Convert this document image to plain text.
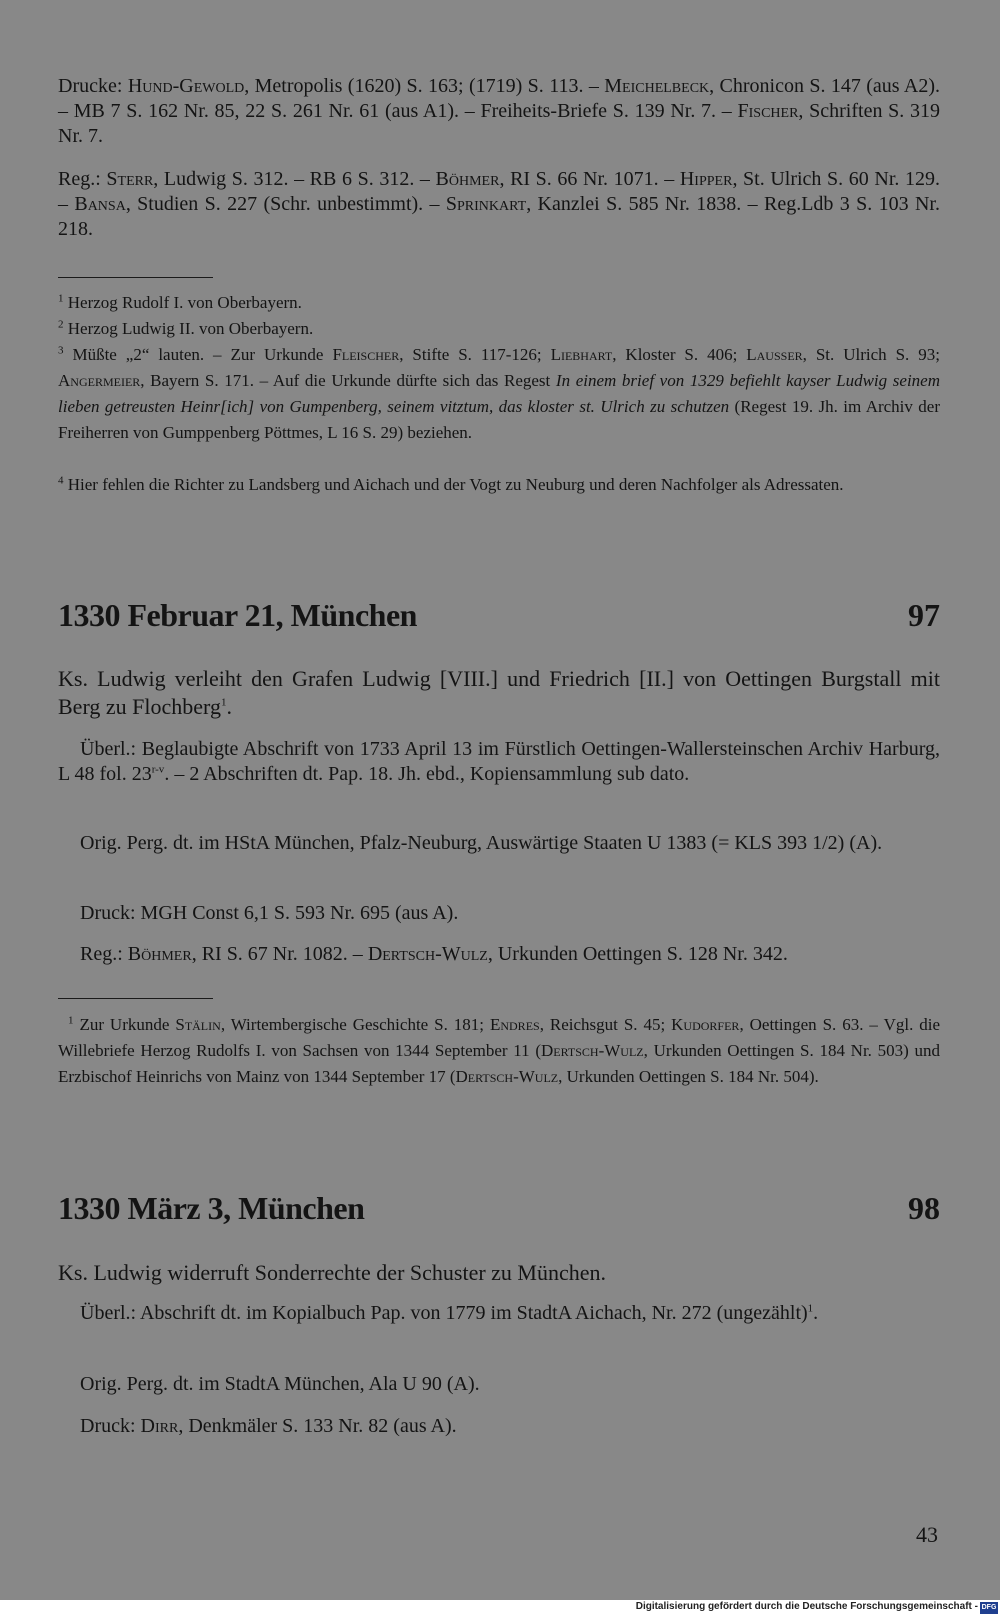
Drucke: Hund-Gewold, Metropolis (1620) S. 163; (1719) S. 113. – Meichelbeck, Chronicon S. 147 (aus A2). – MB 7 S. 162 Nr. 85, 22 S. 261 Nr. 61 (aus A1). – Freiheits-Briefe S. 139 Nr. 7. – Fischer, Schriften S. 319 Nr. 7.

Reg.: Sterr, Ludwig S. 312. – RB 6 S. 312. – Böhmer, RI S. 66 Nr. 1071. – Hipper, St. Ulrich S. 60 Nr. 129. – Bansa, Studien S. 227 (Schr. unbestimmt). – Sprinkart, Kanzlei S. 585 Nr. 1838. – Reg.Ldb 3 S. 103 Nr. 218.

$^1$ Herzog Rudolf I. von Oberbayern.

$^2$ Herzog Ludwig II. von Oberbayern.

$^3$ Müßte „2“ lauten. – Zur Urkunde Fleischer, Stifte S. 117-126; Liebhart, Kloster S. 406; Lausser, St. Ulrich S. 93; Angermeier, Bayern S. 171. – Auf die Urkunde dürfte sich das Regest In einem brief von 1329 befiehlt kayser Ludwig seinem lieben getreusten Heinr[ich] von Gumpenberg, seinem vitztum, das kloster st. Ulrich zu schutzen (Regest 19. Jh. im Archiv der Freiherren von Gumppenberg Pöttmes, L 16 S. 29) beziehen.

$^4$ Hier fehlen die Richter zu Landsberg und Aichach und der Vogt zu Neuburg und deren Nachfolger als Adressaten.

1330 Februar 21, München	97

Ks. Ludwig verleiht den Grafen Ludwig [VIII.] und Friedrich [II.] von Oettingen Burgstall mit Berg zu Flochberg$^1$.

Überl.: Beglaubigte Abschrift von 1733 April 13 im Fürstlich Oettingen-Wallersteinschen Archiv Harburg, L 48 fol. 23$^{r-v}$. – 2 Abschriften dt. Pap. 18. Jh. ebd., Kopiensammlung sub dato.

Orig. Perg. dt. im HStA München, Pfalz-Neuburg, Auswärtige Staaten U 1383 (= KLS 393 1/2) (A).

Druck: MGH Const 6,1 S. 593 Nr. 695 (aus A).

Reg.: Böhmer, RI S. 67 Nr. 1082. – Dertsch-Wulz, Urkunden Oettingen S. 128 Nr. 342.

$^1$ Zur Urkunde Stälin, Wirtembergische Geschichte S. 181; Endres, Reichsgut S. 45; Kudorfer, Oettingen S. 63. – Vgl. die Willebriefe Herzog Rudolfs I. von Sachsen von 1344 September 11 (Dertsch-Wulz, Urkunden Oettingen S. 184 Nr. 503) und Erzbischof Heinrichs von Mainz von 1344 September 17 (Dertsch-Wulz, Urkunden Oettingen S. 184 Nr. 504).

1330 März 3, München	98

Ks. Ludwig widerruft Sonderrechte der Schuster zu München.

Überl.: Abschrift dt. im Kopialbuch Pap. von 1779 im StadtA Aichach, Nr. 272 (ungezählt)$^1$.

Orig. Perg. dt. im StadtA München, Ala U 90 (A).

Druck: Dirr, Denkmäler S. 133 Nr. 82 (aus A).

43
Digitalisierung gefördert durch die Deutsche Forschungsgemeinschaft - DFG
